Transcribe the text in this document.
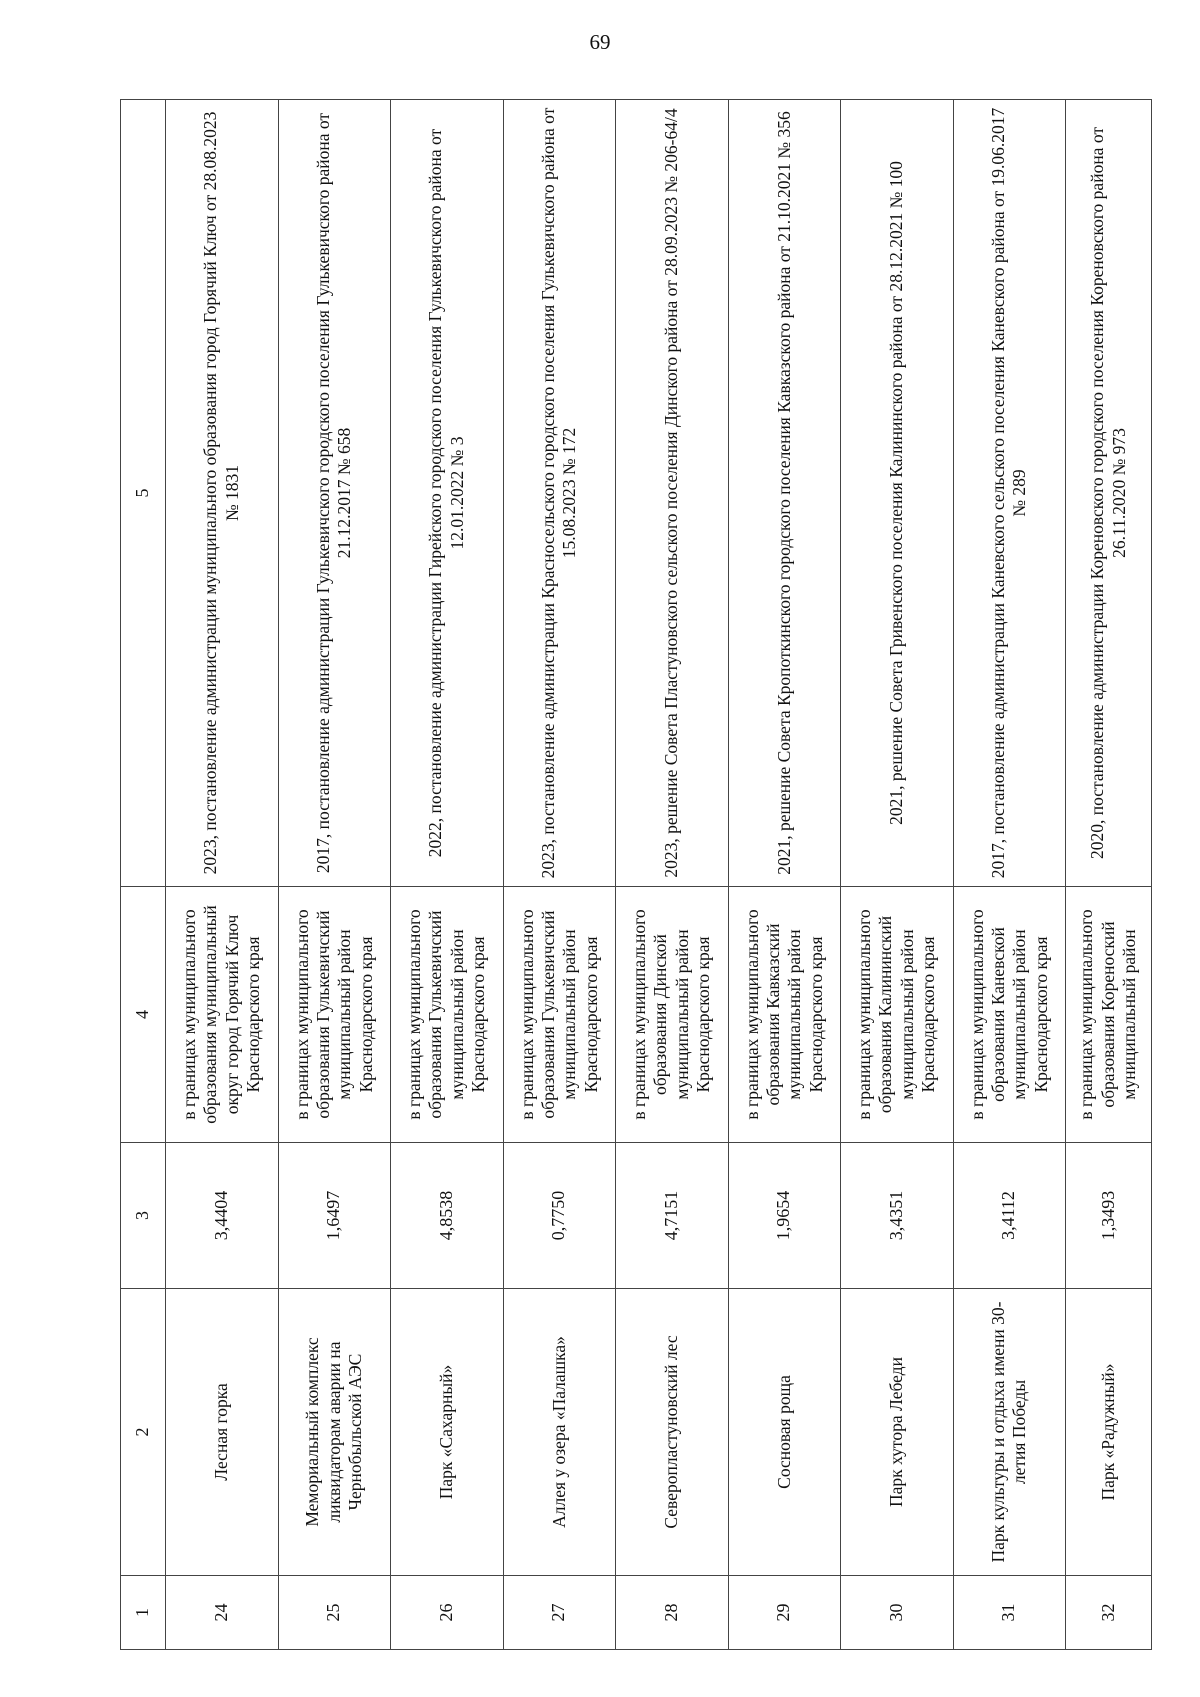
69
1	2	3	4	5
24	Лесная горка	3,4404	в границах муниципального образования муниципальный округ город Горячий Ключ Краснодарского края	2023, постановление администрации муниципального образования город Горячий Ключ от 28.08.2023 № 1831
25	Мемориальный комплекс ликвидаторам аварии на Чернобыльской АЭС	1,6497	в границах муниципального образования Гулькевичский муниципальный район Краснодарского края	2017, постановление администрации Гулькевичского городского поселения Гулькевичского района от 21.12.2017 № 658
26	Парк «Сахарный»	4,8538	в границах муниципального образования Гулькевичский муниципальный район Краснодарского края	2022, постановление администрации Гирейского городского поселения Гулькевичского района от 12.01.2022 № 3
27	Аллея у озера «Палашка»	0,7750	в границах муниципального образования Гулькевичский муниципальный район Краснодарского края	2023, постановление администрации Красносельского городского поселения Гулькевичского района от 15.08.2023 № 172
28	Северопластуновский лес	4,7151	в границах муниципального образования Динской муниципальный район Краснодарского края	2023, решение Совета Пластуновского сельского поселения Динского района от 28.09.2023 № 206-64/4
29	Сосновая роща	1,9654	в границах муниципального образования Кавказский муниципальный район Краснодарского края	2021, решение Совета Кропоткинского городского поселения Кавказского района от 21.10.2021 № 356
30	Парк хутора Лебеди	3,4351	в границах муниципального образования Калининский муниципальный район Краснодарского края	2021, решение Совета Гривенского поселения Калининского района от 28.12.2021 № 100
31	Парк культуры и отдыха имени 30-летия Победы	3,4112	в границах муниципального образования Каневской муниципальный район Краснодарского края	2017, постановление администрации Каневского сельского поселения Каневского района от 19.06.2017 № 289
32	Парк «Радужный»	1,3493	в границах муниципального образования Кореноский муниципальный район	2020, постановление администрации Кореновского городского поселения Кореновского района от 26.11.2020 № 973
